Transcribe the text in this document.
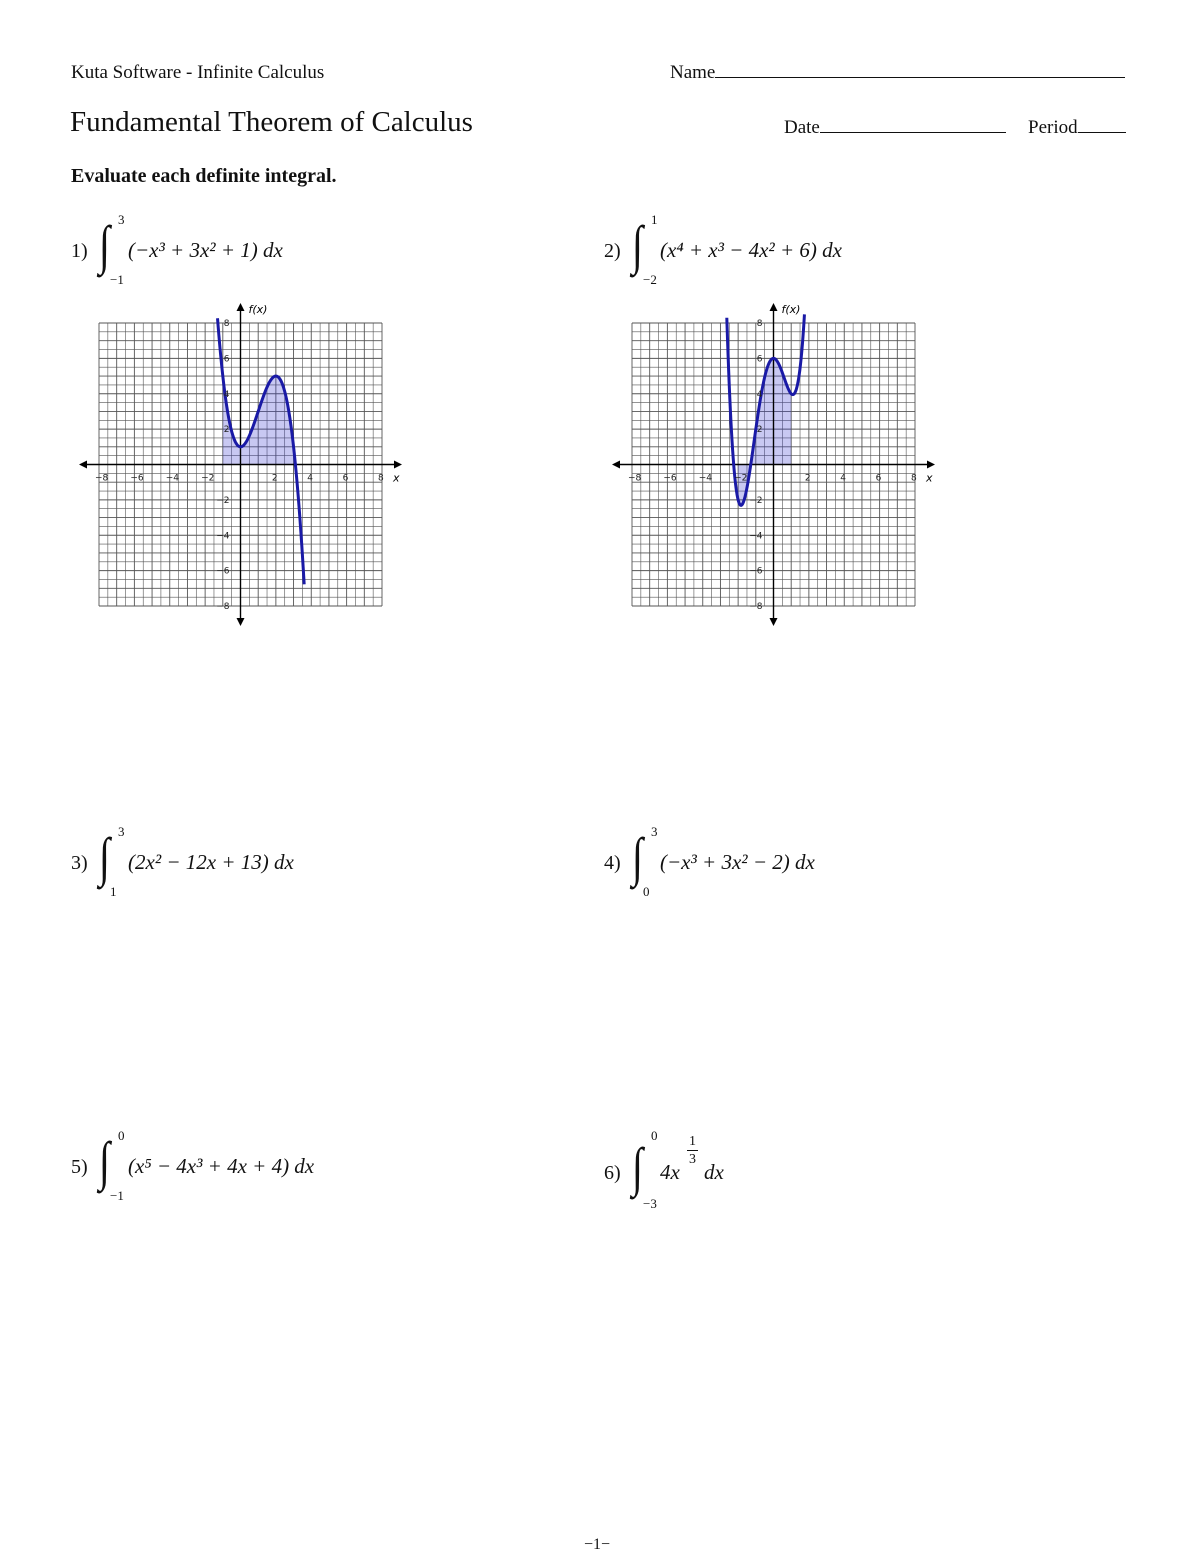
Kuta Software - Infinite Calculus	Name
Fundamental Theorem of Calculus	Date	Period
Evaluate each definite integral.
1) ∫ 3
−1
(−x³ + 3x² + 1) dx	2) ∫ 1
−2
(x⁴ + x³ − 4x² + 6) dx
−8 −6 −4 −2	2	4	6	8
8
6
4
2
−2
−4
−6
−8
f(x)
x	−8 −6 −4 −2	2	4	6	8
8
6
4
2
−2
−4
−6
−8
f(x)
x
3) ∫ 3
1
(2x² − 12x + 13) dx	4) ∫ 3
0
(−x³ + 3x² − 2) dx
5) ∫ 0
−1
(x⁵ − 4x³ + 4x + 4) dx	6) ∫
0
−3
4x
1
3
dx
−1−
